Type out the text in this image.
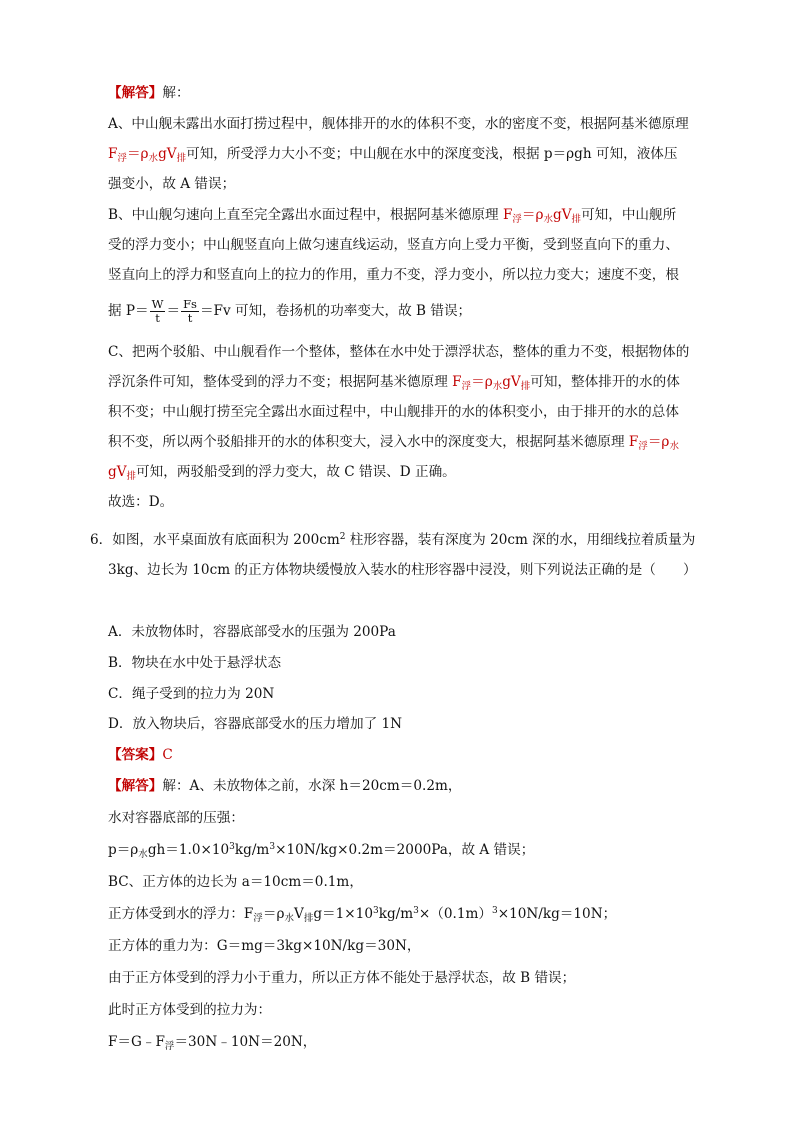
【解答】解：
A、中山舰未露出水面打捞过程中，舰体排开的水的体积不变，水的密度不变，根据阿基米德原理
$F_浮=\rho_水gV_排$可知，所受浮力大小不变；中山舰在水中的深度变浅，根据 p＝ρgh 可知，液体压
强变小，故 A 错误；
B、中山舰匀速向上直至完全露出水面过程中，根据阿基米德原理 $F_浮=\rho_水gV_排$可知，中山舰所
受的浮力变小；中山舰竖直向上做匀速直线运动，竖直方向上受力平衡，受到竖直向下的重力、
竖直向上的浮力和竖直向上的拉力的作用，重力不变，浮力变小，所以拉力变大；速度不变，根
据 $P= \frac{W}{t} = \frac{Fs}{t} =Fv$ 可知，卷扬机的功率变大，故 B 错误；
C、把两个驳船、中山舰看作一个整体，整体在水中处于漂浮状态，整体的重力不变，根据物体的
浮沉条件可知，整体受到的浮力不变；根据阿基米德原理 $F_浮=\rho_水gV_排$可知，整体排开的水的体
积不变；中山舰打捞至完全露出水面过程中，中山舰排开的水的体积变小，由于排开的水的总体
积不变，所以两个驳船排开的水的体积变大，浸入水中的深度变大，根据阿基米德原理 $F_浮=\rho_水$
$gV_排$可知，两驳船受到的浮力变大，故 C 错误、D 正确。
故选：D。
6．如图，水平桌面放有底面积为 $200cm^2$ 柱形容器，装有深度为 20cm 深的水，用细线拉着质量为
3kg、边长为 10cm 的正方体物块缓慢放入装水的柱形容器中浸没，则下列说法正确的是（　　）
A．未放物体时，容器底部受水的压强为 200Pa
B．物块在水中处于悬浮状态
C．绳子受到的拉力为 20N
D．放入物块后，容器底部受水的压力增加了 1N
【答案】C
【解答】解：A、未放物体之前，水深 h＝20cm＝0.2m，
水对容器底部的压强：
$p=\rho_水gh=1.0\times 10^3kg/m^3\times 10N/kg\times 0.2m=2000Pa$，故 A 错误；
BC、正方体的边长为 a＝10cm＝0.1m，
正方体受到水的浮力：$F_浮=\rho_水V_排g=1\times 10^3kg/m^3\times(0.1m)^3\times 10N/kg=10N$；
正方体的重力为：G＝mg＝3kg×10N/kg＝30N，
由于正方体受到的浮力小于重力，所以正方体不能处于悬浮状态，故 B 错误；
此时正方体受到的拉力为：
$F=G﹣F_浮=30N﹣10N=20N$，
